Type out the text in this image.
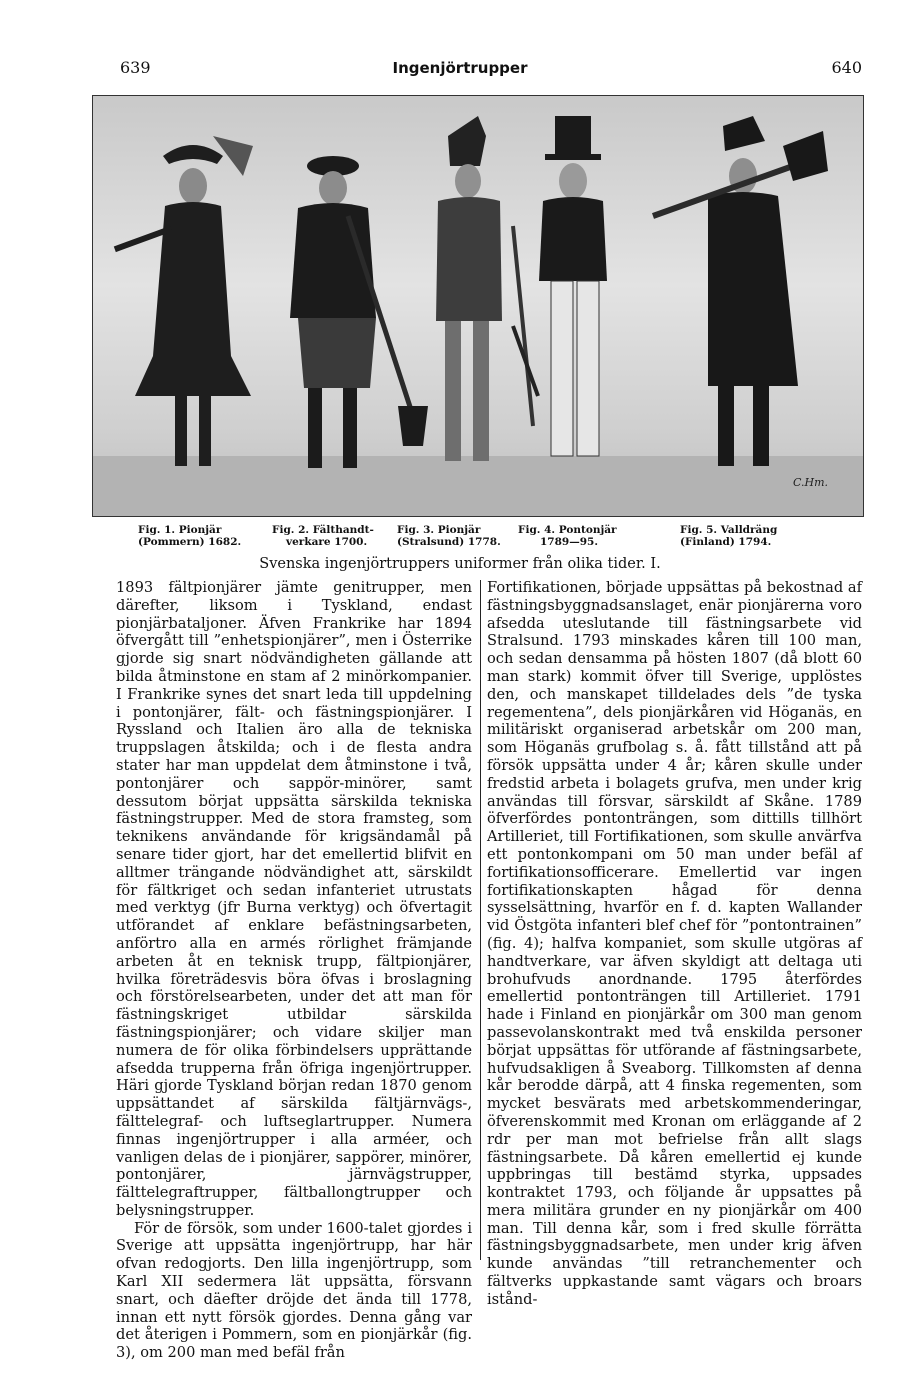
639	Ingenjörtrupper	640
C.Hm.
Fig. 1. Pionjär
(Pommern) 1682.
Fig. 2. Fälthandt-
verkare 1700.
Fig. 3. Pionjär
(Stralsund) 1778.
Fig. 4. Pontonjär
1789—95.
Fig. 5. Valldräng
(Finland) 1794.
Svenska ingenjörtruppers uniformer från olika tider. I.

1893 fältpionjärer jämte genitrupper, men därefter, liksom i Tyskland, endast pionjärbataljoner. Äfven Frankrike har 1894 öfvergått till ”enhetspionjärer”, men i Österrike gjorde sig snart nödvändigheten gällande att bilda åtminstone en stam af 2 minörkompanier. I Frankrike synes det snart leda till uppdelning i pontonjärer, fält- och fästningspionjärer. I Ryssland och Italien äro alla de tekniska truppslagen åtskilda; och i de flesta andra stater har man uppdelat dem åtminstone i två, pontonjärer och sappör-minörer, samt dessutom börjat uppsätta särskilda tekniska fästningstrupper. Med de stora framsteg, som teknikens användande för krigsändamål på senare tider gjort, har det emellertid blifvit en alltmer trängande nödvändighet att, särskildt för fältkriget och sedan infanteriet utrustats med verktyg (jfr Burna verktyg) och öfvertagit utförandet af enklare befästningsarbeten, anförtro alla en armés rörlighet främjande arbeten åt en teknisk trupp, fältpionjärer, hvilka företrädesvis böra öfvas i broslagning och förstörelsearbeten, under det att man för fästningskriget utbildar särskilda fästningspionjärer; och vidare skiljer man numera de för olika förbindelsers upprättande afsedda trupperna från öfriga ingenjörtrupper. Häri gjorde Tyskland början redan 1870 genom uppsättandet af särskilda fältjärnvägs-, fälttelegraf- och luftseglartrupper. Numera finnas ingenjörtrupper i alla arméer, och vanligen delas de i pionjärer, sappörer, minörer, pontonjärer, järnvägstrupper, fälttelegraftrupper, fältballongtrupper och belysningstrupper.

För de försök, som under 1600-talet gjordes i Sverige att uppsätta ingenjörtrupp, har här ofvan redogjorts. Den lilla ingenjörtrupp, som Karl XII sedermera lät uppsätta, försvann snart, och däefter dröjde det ända till 1778, innan ett nytt försök gjordes. Denna gång var det återigen i Pommern, som en pionjärkår (fig. 3), om 200 man med befäl från

Fortifikationen, började uppsättas på bekostnad af fästningsbyggnadsanslaget, enär pionjärerna voro afsedda uteslutande till fästningsarbete vid Stralsund. 1793 minskades kåren till 100 man, och sedan densamma på hösten 1807 (då blott 60 man stark) kommit öfver till Sverige, upplöstes den, och manskapet tilldelades dels ”de tyska regementena”, dels pionjärkåren vid Höganäs, en militäriskt organiserad arbetskår om 200 man, som Höganäs grufbolag s. å. fått tillstånd att på försök uppsätta under 4 år; kåren skulle under fredstid arbeta i bolagets grufva, men under krig användas till försvar, särskildt af Skåne. 1789 öfverfördes pontonträngen, som dittills tillhört Artilleriet, till Fortifikationen, som skulle anvärfva ett pontonkompani om 50 man under befäl af fortifikationsofficerare. Emellertid var ingen fortifikationskapten hågad för denna sysselsättning, hvarför en f. d. kapten Wallander vid Östgöta infanteri blef chef för ”pontontrainen” (fig. 4); halfva kompaniet, som skulle utgöras af handtverkare, var äfven skyldigt att deltaga uti brohufvuds anordnande. 1795 återfördes emellertid pontonträngen till Artilleriet. 1791 hade i Finland en pionjärkår om 300 man genom passevolanskontrakt med två enskilda personer börjat uppsättas för utförande af fästningsarbete, hufvudsakligen å Sveaborg. Tillkomsten af denna kår berodde därpå, att 4 finska regementen, som mycket besvärats med arbetskommenderingar, öfverenskommit med Kronan om erläggande af 2 rdr per man mot befrielse från allt slags fästningsarbete. Då kåren emellertid ej kunde uppbringas till bestämd styrka, uppsades kontraktet 1793, och följande år uppsattes på mera militära grunder en ny pionjärkår om 400 man. Till denna kår, som i fred skulle förrätta fästningsbyggnadsarbete, men under krig äfven kunde användas ”till retranchementer och fältverks uppkastande samt vägars och broars istånd-
